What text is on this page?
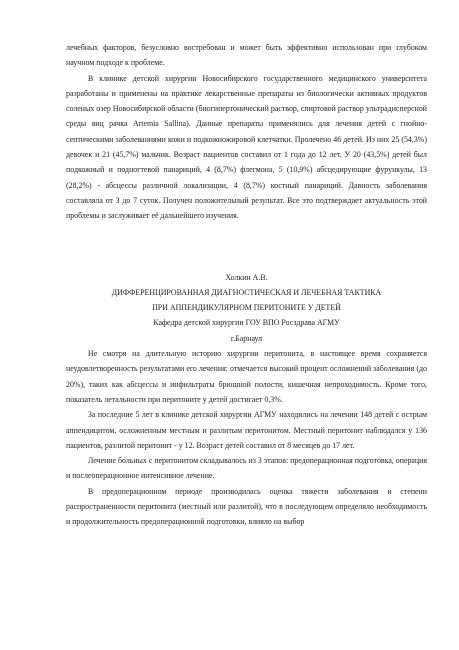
лечебных факторов, безусловно востребован и может быть эффективно использован при глубоком научном подходе к проблеме.

В клинике детской хирургии Новосибирского государственного медицинского университета разработаны и применены на практике лекарственные препараты из биологически активных продуктов соленых озер Новосибирской области (биогипертонический раствор, спиртовой раствор ультрадисперсной среды яиц рачка Artemia Sallina). Данные препараты применялись для лечения детей с гнойно-септическими заболеваниями кожи и подкожножировой клетчатки. Пролечено 46 детей. Из них 25 (54,3%) девочек и 21 (45,7%) мальчик. Возраст пациентов составил от 1 года до 12 лет. У 20 (43,5%) детей был подкожный и подногтевой панариций, 4 (8,7%) флегмона, 5 (10,9%) абсцедирующие фурункулы, 13 (28,2%) - абсцессы различной локализации, 4 (8,7%) костный панариций. Давность заболевания составляла от 3 до 7 суток. Получен положительный результат. Все это подтверждает актуальность этой проблемы и заслуживает её дальнейшего изучения.

Холкин А.В.

ДИФФЕРЕНЦИРОВАННАЯ ДИАГНОСТИЧЕСКАЯ И ЛЕЧЕБНАЯ ТАКТИКА

ПРИ АППЕНДИКУЛЯРНОМ ПЕРИТОНИТЕ У ДЕТЕЙ

Кафедра детской хирургии ГОУ ВПО Росздрава АГМУ

г.Барнаул

Не смотря на длительную историю хирургии перитонита, в настоящее время сохраняется неудовлетворенность результатами его лечения: отмечается высокий процент осложнений заболевания (до 20%), таких как абсцессы и инфильтраты брюшной полости, кишечная непроходимость. Кроме того, показатель летальности при перитоните у детей достигает 0,3%.

За последние 5 лет в клинике детской хирургии АГМУ находились на лечении 148 детей с острым аппендицитом, осложненным местным и разлитым перитонитом. Местный перитонит наблюдался у 136 пациентов, разлитой перитонит - у 12. Возраст детей составил от 8 месяцев до 17 лет.

Лечение больных с перитонитом складывалось из 3 этапов: предоперационная подготовка, операция и послеоперационное интенсивное лечение.

В предоперационном периоде производилась оценка тяжести заболевания и степени распространенности перитонита (местный или разлитой), что в последующем определяло необходимость и продолжительность предоперационной подготовки, влияло на выбор
